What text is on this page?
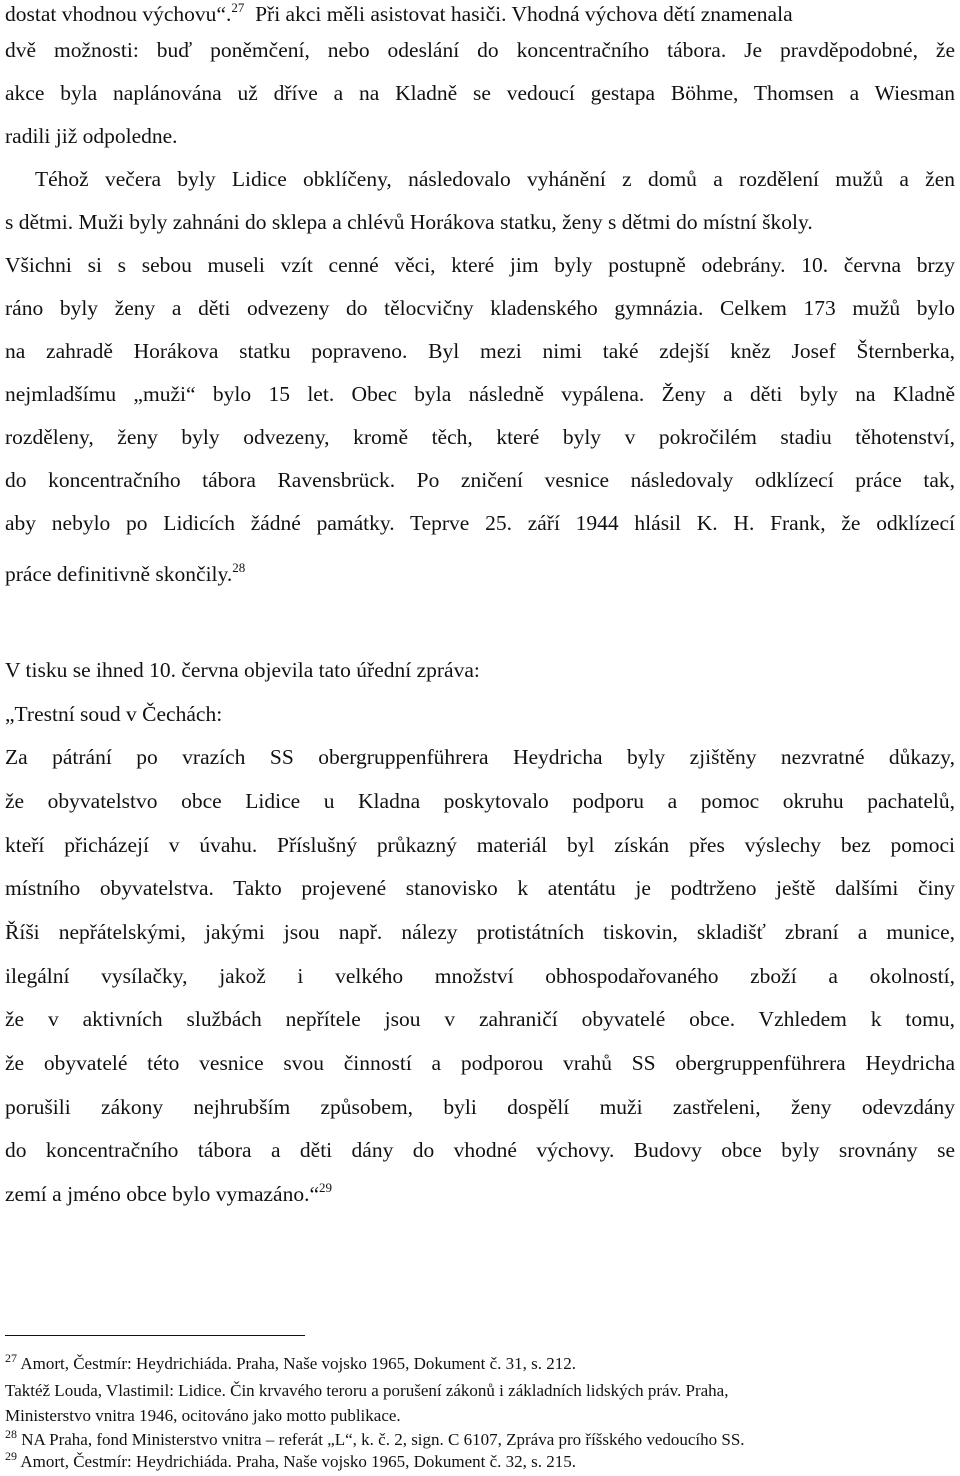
dostat vhodnou výchovu“.$^{27}$ Při akci měli asistovat hasiči. Vhodná výchova dětí znamenala
dvě možnosti: buď poněmčení, nebo odeslání do koncentračního tábora. Je pravděpodobné, že
akce byla naplánována už dříve a na Kladně se vedoucí gestapa Böhme, Thomsen a Wiesman
radili již odpoledne.
Téhož večera byly Lidice obklíčeny, následovalo vyhánění z domů a rozdělení mužů a žen
s dětmi. Muži byly zahnáni do sklepa a chlévů Horákova statku, ženy s dětmi do místní školy.
Všichni si s sebou museli vzít cenné věci, které jim byly postupně odebrány. 10. června brzy
ráno byly ženy a děti odvezeny do tělocvičny kladenského gymnázia. Celkem 173 mužů bylo
na zahradě Horákova statku popraveno. Byl mezi nimi také zdejší kněz Josef Šternberka,
nejmladšímu „muži“ bylo 15 let. Obec byla následně vypálena. Ženy a děti byly na Kladně
rozděleny, ženy byly odvezeny, kromě těch, které byly v pokročilém stadiu těhotenství,
do koncentračního tábora Ravensbrück. Po zničení vesnice následovaly odklízecí práce tak,
aby nebylo po Lidicích žádné památky. Teprve 25. září 1944 hlásil K. H. Frank, že odklízecí
práce definitivně skončily.$^{28}$
V tisku se ihned 10. června objevila tato úřední zpráva:
„Trestní soud v Čechách:
Za pátrání po vrazích SS obergruppenführera Heydricha byly zjištěny nezvratné důkazy,
že obyvatelstvo obce Lidice u Kladna poskytovalo podporu a pomoc okruhu pachatelů,
kteří přicházejí v úvahu. Příslušný průkazný materiál byl získán přes výslechy bez pomoci
místního obyvatelstva. Takto projevené stanovisko k atentátu je podtrženo ještě dalšími činy
Říši nepřátelskými, jakými jsou např. nálezy protistátních tiskovin, skladišť zbraní a munice,
ilegální vysílačky, jakož i velkého množství obhospodařovaného zboží a okolností,
že v aktivních službách nepřítele jsou v zahraničí obyvatelé obce. Vzhledem k tomu,
že obyvatelé této vesnice svou činností a podporou vrahů SS obergruppenführera Heydricha
porušili zákony nejhrubším způsobem, byli dospělí muži zastřeleni, ženy odevzdány
do koncentračního tábora a děti dány do vhodné výchovy. Budovy obce byly srovnány se
zemí a jméno obce bylo vymazáno.“$^{29}$
$^{27}$ Amort, Čestmír: Heydrichiáda. Praha, Naše vojsko 1965, Dokument č. 31, s. 212.
Taktéž Louda, Vlastimil: Lidice. Čin krvavého teroru a porušení zákonů i základních lidských práv. Praha,
Ministerstvo vnitra 1946, ocitováno jako motto publikace.
$^{28}$ NA Praha, fond Ministerstvo vnitra – referát „L“, k. č. 2, sign. C 6107, Zpráva pro říšského vedoucího SS.
$^{29}$ Amort, Čestmír: Heydrichiáda. Praha, Naše vojsko 1965, Dokument č. 32, s. 215.
